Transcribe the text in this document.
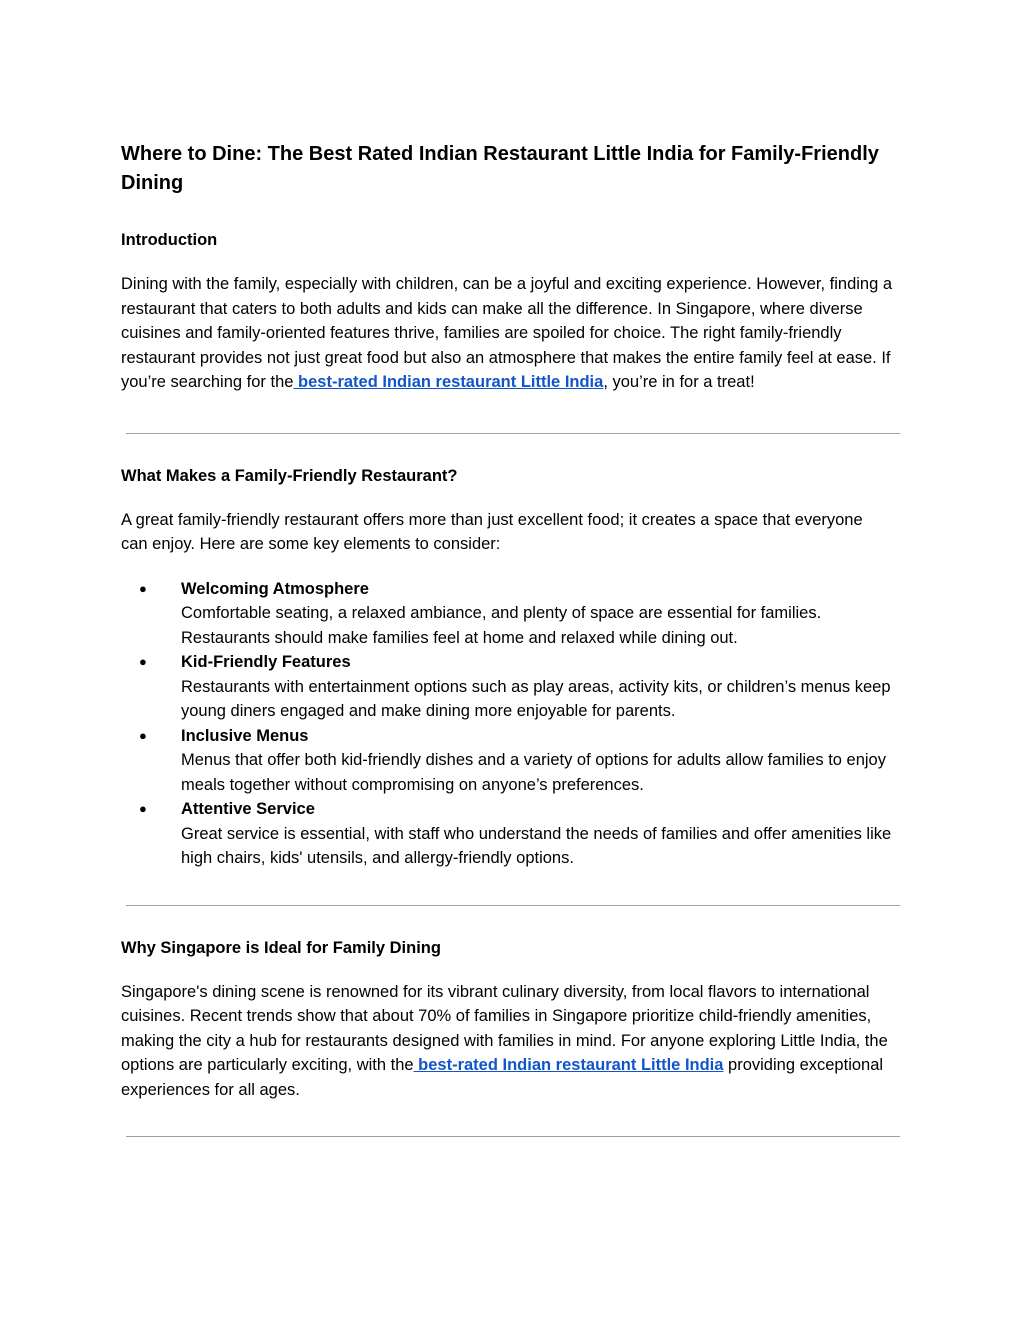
Where to Dine: The Best Rated Indian Restaurant Little India for Family-Friendly Dining
Introduction

Dining with the family, especially with children, can be a joyful and exciting experience. However, finding a restaurant that caters to both adults and kids can make all the difference. In Singapore, where diverse cuisines and family-oriented features thrive, families are spoiled for choice. The right family-friendly restaurant provides not just great food but also an atmosphere that makes the entire family feel at ease. If you’re searching for the best-rated Indian restaurant Little India, you’re in for a treat!

What Makes a Family-Friendly Restaurant?

A great family-friendly restaurant offers more than just excellent food; it creates a space that everyone can enjoy. Here are some key elements to consider:

● Welcoming Atmosphere
Comfortable seating, a relaxed ambiance, and plenty of space are essential for families. Restaurants should make families feel at home and relaxed while dining out.
● Kid-Friendly Features
Restaurants with entertainment options such as play areas, activity kits, or children’s menus keep young diners engaged and make dining more enjoyable for parents.
● Inclusive Menus
Menus that offer both kid-friendly dishes and a variety of options for adults allow families to enjoy meals together without compromising on anyone’s preferences.
● Attentive Service
Great service is essential, with staff who understand the needs of families and offer amenities like high chairs, kids' utensils, and allergy-friendly options.
Why Singapore is Ideal for Family Dining

Singapore's dining scene is renowned for its vibrant culinary diversity, from local flavors to international cuisines. Recent trends show that about 70% of families in Singapore prioritize child-friendly amenities, making the city a hub for restaurants designed with families in mind. For anyone exploring Little India, the options are particularly exciting, with the best-rated Indian restaurant Little India providing exceptional experiences for all ages.
